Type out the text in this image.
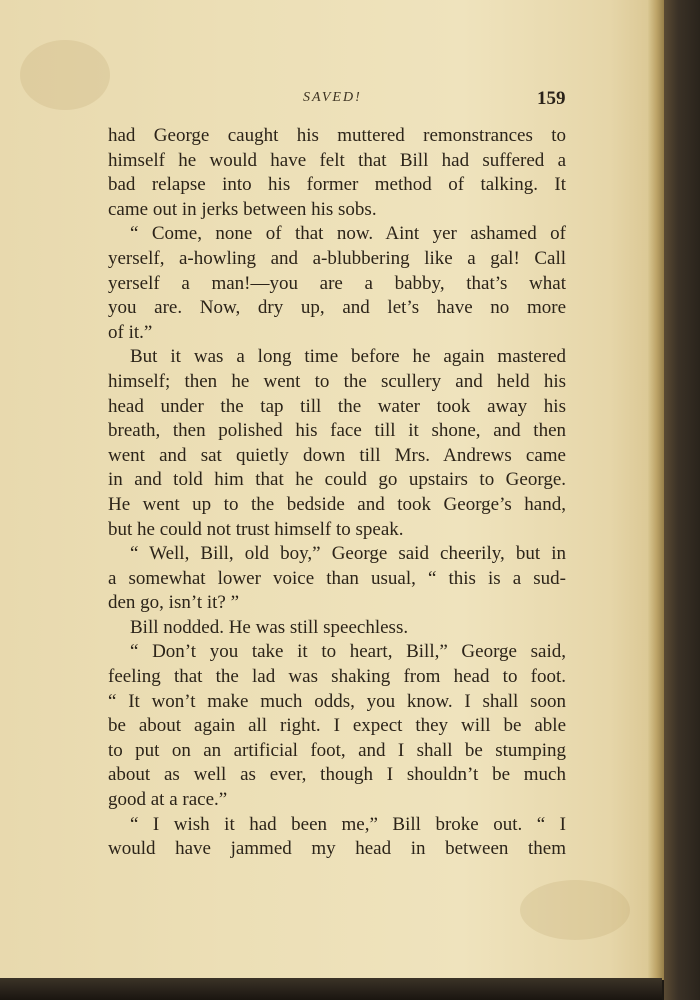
SAVED!	159

had George caught his muttered remonstrances to
himself he would have felt that Bill had suffered a
bad relapse into his former method of talking. It
came out in jerks between his sobs.

“ Come, none of that now. Aint yer ashamed of
yerself, a-howling and a-blubbering like a gal! Call
yerself a man!—you are a babby, that’s what
you are. Now, dry up, and let’s have no more
of it.”

But it was a long time before he again mastered
himself; then he went to the scullery and held his
head under the tap till the water took away his
breath, then polished his face till it shone, and then
went and sat quietly down till Mrs. Andrews came
in and told him that he could go upstairs to George.
He went up to the bedside and took George’s hand,
but he could not trust himself to speak.

“ Well, Bill, old boy,” George said cheerily, but in
a somewhat lower voice than usual, “ this is a sud-
den go, isn’t it? ”

Bill nodded. He was still speechless.

“ Don’t you take it to heart, Bill,” George said,
feeling that the lad was shaking from head to foot.
“ It won’t make much odds, you know. I shall soon
be about again all right. I expect they will be able
to put on an artificial foot, and I shall be stumping
about as well as ever, though I shouldn’t be much
good at a race.”

“ I wish it had been me,” Bill broke out. “ I
would have jammed my head in between them
